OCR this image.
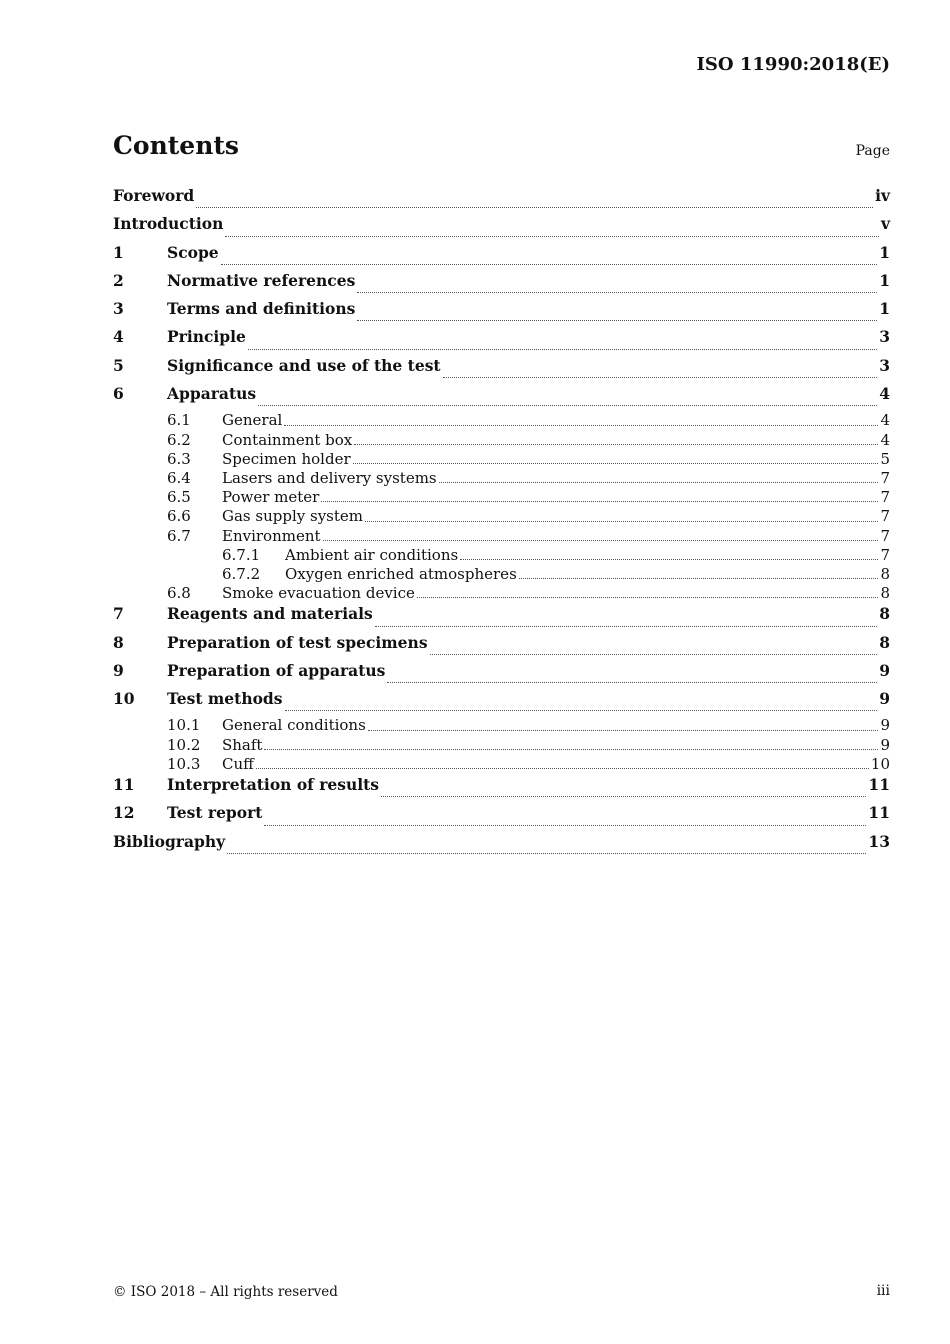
ISO 11990:2018(E)
Contents	Page
Foreword	iv
Introduction	v
1	Scope	1
2	Normative references	1
3	Terms and definitions	1
4	Principle	3
5	Significance and use of the test	3
6	Apparatus	4
6.1	General	4
6.2	Containment box	4
6.3	Specimen holder	5
6.4	Lasers and delivery systems	7
6.5	Power meter	7
6.6	Gas supply system	7
6.7	Environment	7
6.7.1	Ambient air conditions	7
6.7.2	Oxygen enriched atmospheres	8
6.8	Smoke evacuation device	8
7	Reagents and materials	8
8	Preparation of test specimens	8
9	Preparation of apparatus	9
10	Test methods	9
10.1	General conditions	9
10.2	Shaft	9
10.3	Cuff	10
11	Interpretation of results	11
12	Test report	11
Bibliography	13
© ISO 2018 – All rights reserved	iii
